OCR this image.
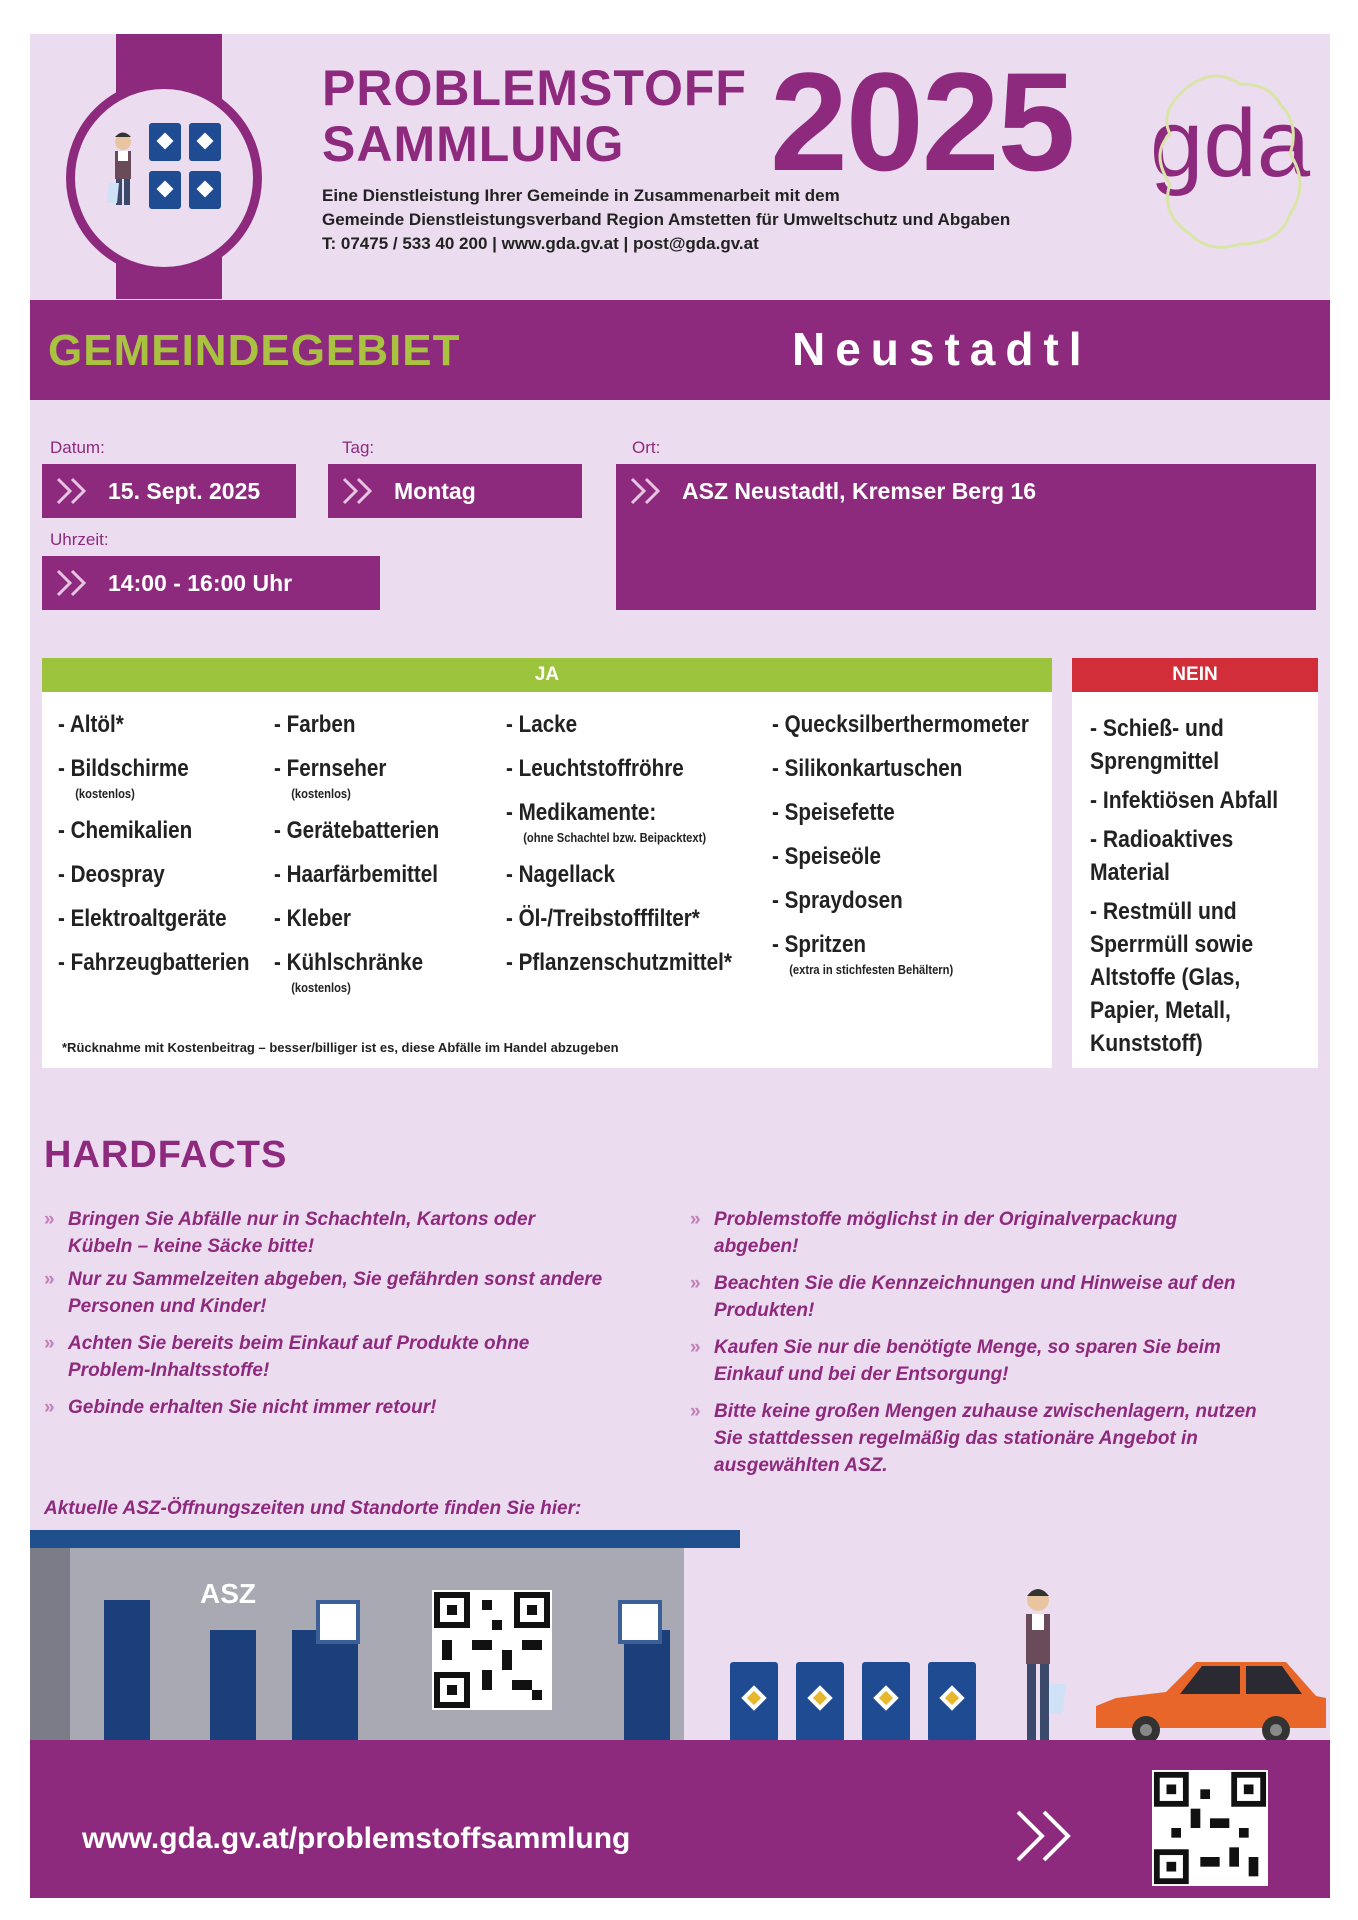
PROBLEMSTOFF
SAMMLUNG	2025
Eine Dienstleistung Ihrer Gemeinde in Zusammenarbeit mit dem
Gemeinde Dienstleistungsverband Region Amstetten für Umweltschutz und Abgaben
T: 07475 / 533 40 200 | www.gda.gv.at | post@gda.gv.at
gda
GEMEINDEGEBIET	Neustadtl
Datum:
15. Sept. 2025
Tag:
Montag
Ort:
ASZ Neustadtl, Kremser Berg 16
Uhrzeit:
14:00 - 16:00 Uhr
JA
- Altöl*
- Bildschirme
(kostenlos)
- Chemikalien
- Deospray
- Elektroaltgeräte
- Fahrzeugbatterien
- Farben
- Fernseher
(kostenlos)
- Gerätebatterien
- Haarfärbemittel
- Kleber
- Kühlschränke
(kostenlos)
- Lacke
- Leuchtstoffröhre
- Medikamente:
(ohne Schachtel bzw. Beipacktext)
- Nagellack
- Öl-/Treibstofffilter*
- Pflanzenschutzmittel*
- Quecksilberthermometer
- Silikonkartuschen
- Speisefette
- Speiseöle
- Spraydosen
- Spritzen
(extra in stichfesten Behältern)
*Rücknahme mit Kostenbeitrag – besser/billiger ist es, diese Abfälle im Handel abzugeben
NEIN
- Schieß- und Sprengmittel
- Infektiösen Abfall
- Radioaktives Material
- Restmüll und Sperrmüll sowie Altstoffe (Glas, Papier, Metall, Kunststoff)
HARDFACTS
» Bringen Sie Abfälle nur in Schachteln, Kartons oder Kübeln – keine Säcke bitte!
» Nur zu Sammelzeiten abgeben, Sie gefährden sonst andere Personen und Kinder!
» Achten Sie bereits beim Einkauf auf Produkte ohne Problem-Inhaltsstoffe!
» Gebinde erhalten Sie nicht immer retour!
» Problemstoffe möglichst in der Originalverpackung abgeben!
» Beachten Sie die Kennzeichnungen und Hinweise auf den Produkten!
» Kaufen Sie nur die benötigte Menge, so sparen Sie beim Einkauf und bei der Entsorgung!
» Bitte keine großen Mengen zuhause zwischenlagern, nutzen Sie stattdessen regelmäßig das stationäre Angebot in ausgewählten ASZ.
Aktuelle ASZ-Öffnungszeiten und Standorte finden Sie hier:
ASZ
www.gda.gv.at/problemstoffsammlung
